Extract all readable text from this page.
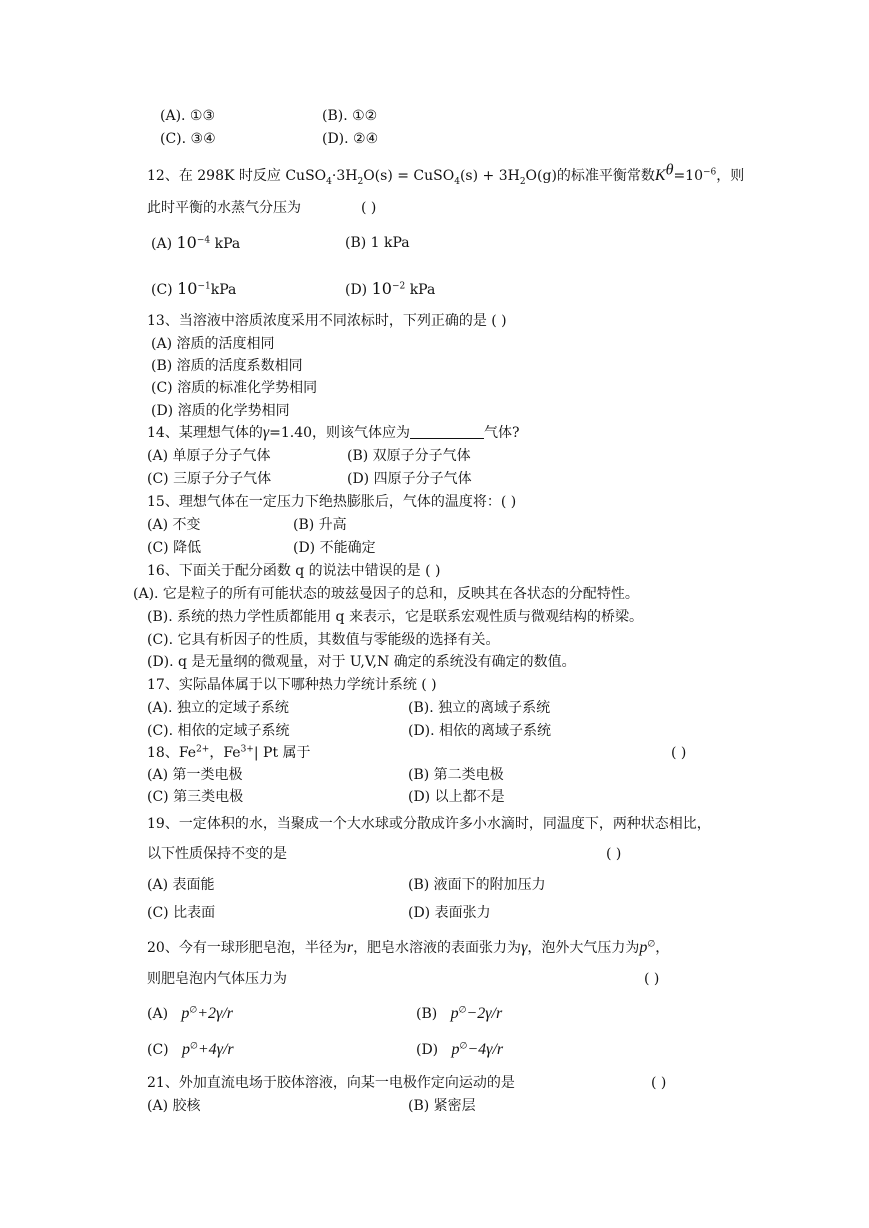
(A). ①③	(B). ①②
(C). ③④	(D). ②④
12、在 298K 时反应 $CuSO_4\cdot 3H_2O(s)$ = CuSO$_4$(s) + $3H_2O(g)$的标准平衡常数$K^\theta=10^{-6}$，则
此时平衡的水蒸气分压为	( )
(A) $10^{-4}$ kPa	(B) 1 kPa
(C) $10^{-1}kPa$	(D) $10^{-2}$ kPa
13、当溶液中溶质浓度采用不同浓标时，下列正确的是 ( )
(A) 溶质的活度相同
(B) 溶质的活度系数相同
(C) 溶质的标准化学势相同
(D) 溶质的化学势相同
14、某理想气体的γ=1.40，则该气体应为	气体?
(A) 单原子分子气体	(B) 双原子分子气体
(C) 三原子分子气体	(D) 四原子分子气体
15、理想气体在一定压力下绝热膨胀后，气体的温度将：( )
(A) 不变	(B) 升高
(C) 降低	(D) 不能确定
16、下面关于配分函数 q 的说法中错误的是 ( )
(A). 它是粒子的所有可能状态的玻兹曼因子的总和，反映其在各状态的分配特性。
(B). 系统的热力学性质都能用 q 来表示，它是联系宏观性质与微观结构的桥梁。
(C). 它具有析因子的性质，其数值与零能级的选择有关。
(D). q 是无量纲的微观量，对于 U,V,N 确定的系统没有确定的数值。
17、实际晶体属于以下哪种热力学统计系统 ( )
(A). 独立的定域子系统	(B). 独立的离域子系统
(C). 相依的定域子系统	(D). 相依的离域子系统
18、$Fe^{2+}$，$Fe^{3+}|$ Pt 属于	( )
(A) 第一类电极	(B) 第二类电极
(C) 第三类电极	(D) 以上都不是
19、一定体积的水，当聚成一个大水球或分散成许多小水滴时，同温度下，两种状态相比，
以下性质保持不变的是	( )
(A) 表面能	(B) 液面下的附加压力
(C) 比表面	(D) 表面张力
20、今有一球形肥皂泡，半径为r，肥皂水溶液的表面张力为γ，泡外大气压力为p∅，
则肥皂泡内气体压力为	( )
(A) p∅+2γ/r	(B) p∅−2γ/r
(C) p∅+4γ/r	(D) p∅−4γ/r
21、外加直流电场于胶体溶液，向某一电极作定向运动的是	( )
(A) 胶核	(B) 紧密层
